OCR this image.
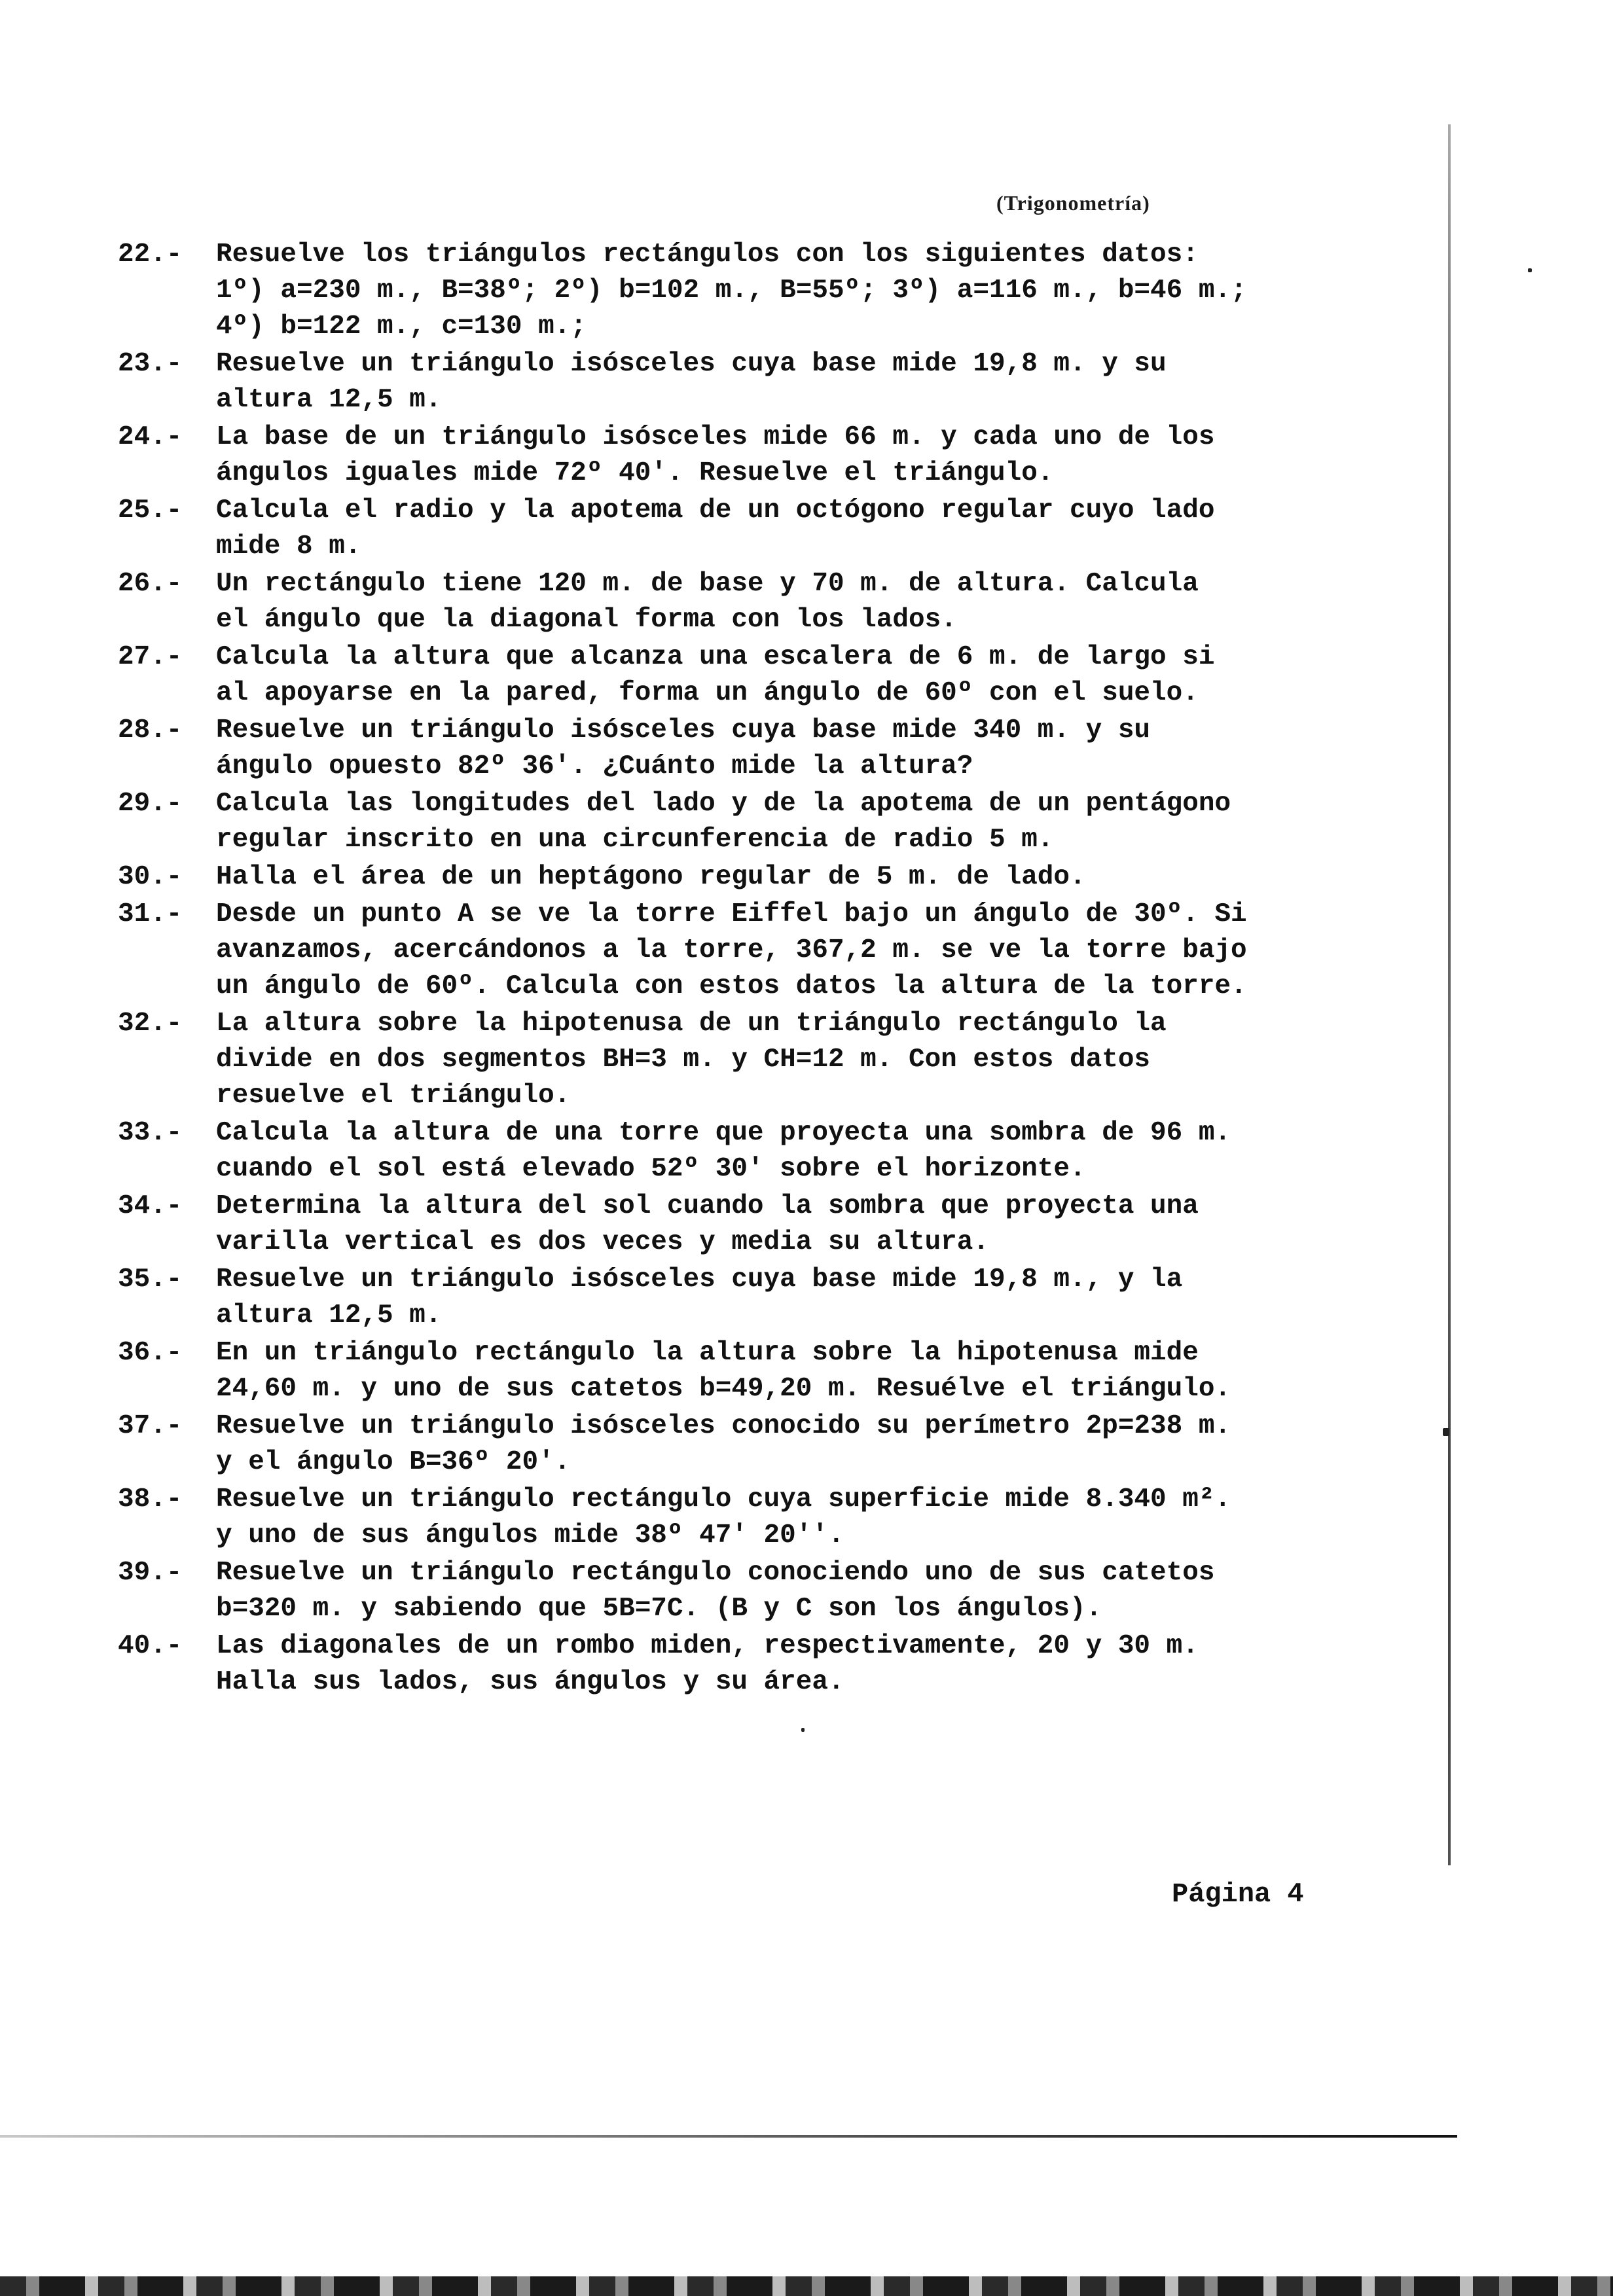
(Trigonometría)
22.-	Resuelve los triángulos rectángulos con los siguientes datos:
1º) a=230 m., B=38º; 2º) b=102 m., B=55º; 3º) a=116 m., b=46 m.;
4º) b=122 m., c=130 m.;
23.-	Resuelve un triángulo isósceles cuya base mide 19,8 m. y su
altura 12,5 m.
24.-	La base de un triángulo isósceles mide 66 m. y cada uno de los
ángulos iguales mide 72º 40'. Resuelve el triángulo.
25.-	Calcula el radio y la apotema de un octógono regular cuyo lado
mide 8 m.
26.-	Un rectángulo tiene 120 m. de base y 70 m. de altura. Calcula
el ángulo que la diagonal forma con los lados.
27.-	Calcula la altura que alcanza una escalera de 6 m. de largo si
al apoyarse en la pared, forma un ángulo de 60º con el suelo.
28.-	Resuelve un triángulo isósceles cuya base mide 340 m. y su
ángulo opuesto 82º 36'. ¿Cuánto mide la altura?
29.-	Calcula las longitudes del lado y de la apotema de un pentágono
regular inscrito en una circunferencia de radio 5 m.
30.-	Halla el área de un heptágono regular de 5 m. de lado.
31.-	Desde un punto A se ve la torre Eiffel bajo un ángulo de 30º. Si
avanzamos, acercándonos a la torre, 367,2 m. se ve la torre bajo
un ángulo de 60º. Calcula con estos datos la altura de la torre.
32.-	La altura sobre la hipotenusa de un triángulo rectángulo la
divide en dos segmentos BH=3 m. y CH=12 m. Con estos datos
resuelve el triángulo.
33.-	Calcula la altura de una torre que proyecta una sombra de 96 m.
cuando el sol está elevado 52º 30' sobre el horizonte.
34.-	Determina la altura del sol cuando la sombra que proyecta una
varilla vertical es dos veces y media su altura.
35.-	Resuelve un triángulo isósceles cuya base mide 19,8 m., y la
altura 12,5 m.
36.-	En un triángulo rectángulo la altura sobre la hipotenusa mide
24,60 m. y uno de sus catetos b=49,20 m. Resuélve el triángulo.
37.-	Resuelve un triángulo isósceles conocido su perímetro 2p=238 m.
y el ángulo B=36º 20'.
38.-	Resuelve un triángulo rectángulo cuya superficie mide 8.340 m².
y uno de sus ángulos mide 38º 47' 20''.
39.-	Resuelve un triángulo rectángulo conociendo uno de sus catetos
b=320 m. y sabiendo que 5B=7C. (B y C son los ángulos).
40.-	Las diagonales de un rombo miden, respectivamente, 20 y 30 m.
Halla sus lados, sus ángulos y su área.
Página 4
